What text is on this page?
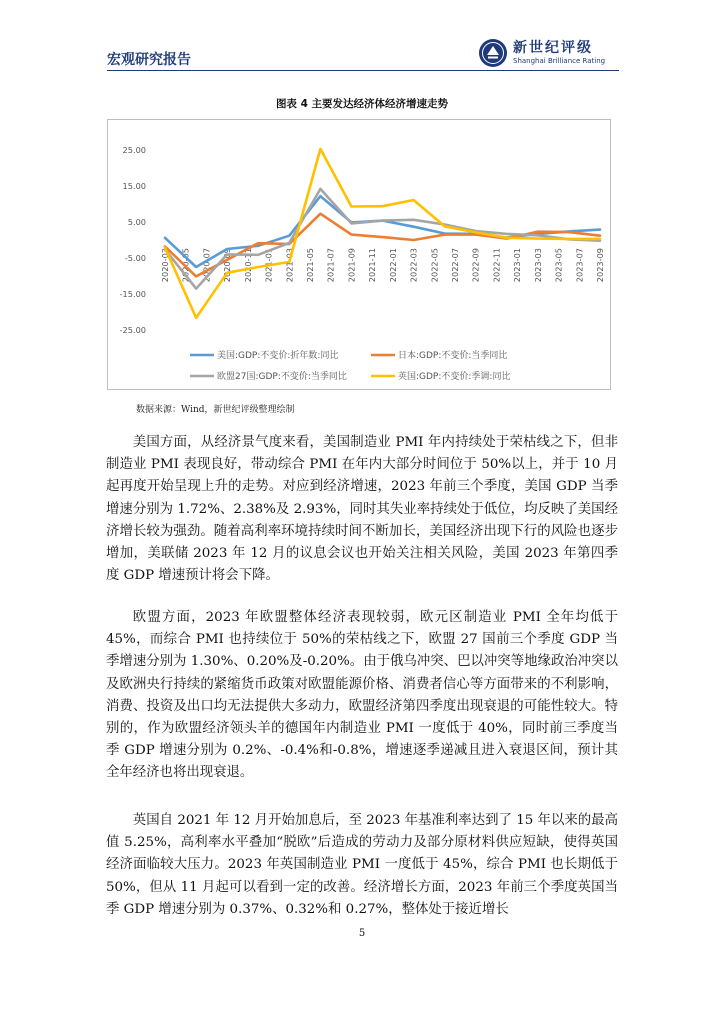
宏观研究报告
新世纪评级
Shanghai Brilliance Rating
图表 4 主要发达经济体经济增速走势
25.00
15.00
5.00
-5.00
-15.00
-25.00
2020-03 2020-05 2020-07 2020-09 2020-11 2021-01 2021-03 2021-05 2021-07 2021-09 2021-11 2022-01 2022-03 2022-05 2022-07 2022-09 2022-11 2023-01 2023-03 2023-05 2023-07 2023-09
美国:GDP:不变价:折年数:同比	日本:GDP:不变价:当季同比
欧盟27国:GDP:不变价:当季同比	英国:GDP:不变价:季调:同比
数据来源：Wind，新世纪评级整理绘制

美国方面，从经济景气度来看，美国制造业 PMI 年内持续处于荣枯线之下，但非制造业 PMI 表现良好，带动综合 PMI 在年内大部分时间位于 50%以上，并于 10 月起再度开始呈现上升的走势。对应到经济增速，2023 年前三个季度，美国 GDP 当季增速分别为 1.72%、2.38%及 2.93%，同时其失业率持续处于低位，均反映了美国经济增长较为强劲。随着高利率环境持续时间不断加长，美国经济出现下行的风险也逐步增加，美联储 2023 年 12 月的议息会议也开始关注相关风险，美国 2023 年第四季度 GDP 增速预计将会下降。

欧盟方面，2023 年欧盟整体经济表现较弱，欧元区制造业 PMI 全年均低于 45%，而综合 PMI 也持续位于 50%的荣枯线之下，欧盟 27 国前三个季度 GDP 当季增速分别为 1.30%、0.20%及-0.20%。由于俄乌冲突、巴以冲突等地缘政治冲突以及欧洲央行持续的紧缩货币政策对欧盟能源价格、消费者信心等方面带来的不利影响，消费、投资及出口均无法提供大多动力，欧盟经济第四季度出现衰退的可能性较大。特别的，作为欧盟经济领头羊的德国年内制造业 PMI 一度低于 40%，同时前三季度当季 GDP 增速分别为 0.2%、-0.4%和-0.8%，增速逐季递减且进入衰退区间，预计其全年经济也将出现衰退。

英国自 2021 年 12 月开始加息后，至 2023 年基准利率达到了 15 年以来的最高值 5.25%，高利率水平叠加“脱欧”后造成的劳动力及部分原材料供应短缺，使得英国经济面临较大压力。2023 年英国制造业 PMI 一度低于 45%，综合 PMI 也长期低于 50%，但从 11 月起可以看到一定的改善。经济增长方面，2023 年前三个季度英国当季 GDP 增速分别为 0.37%、0.32%和 0.27%，整体处于接近增长

5
